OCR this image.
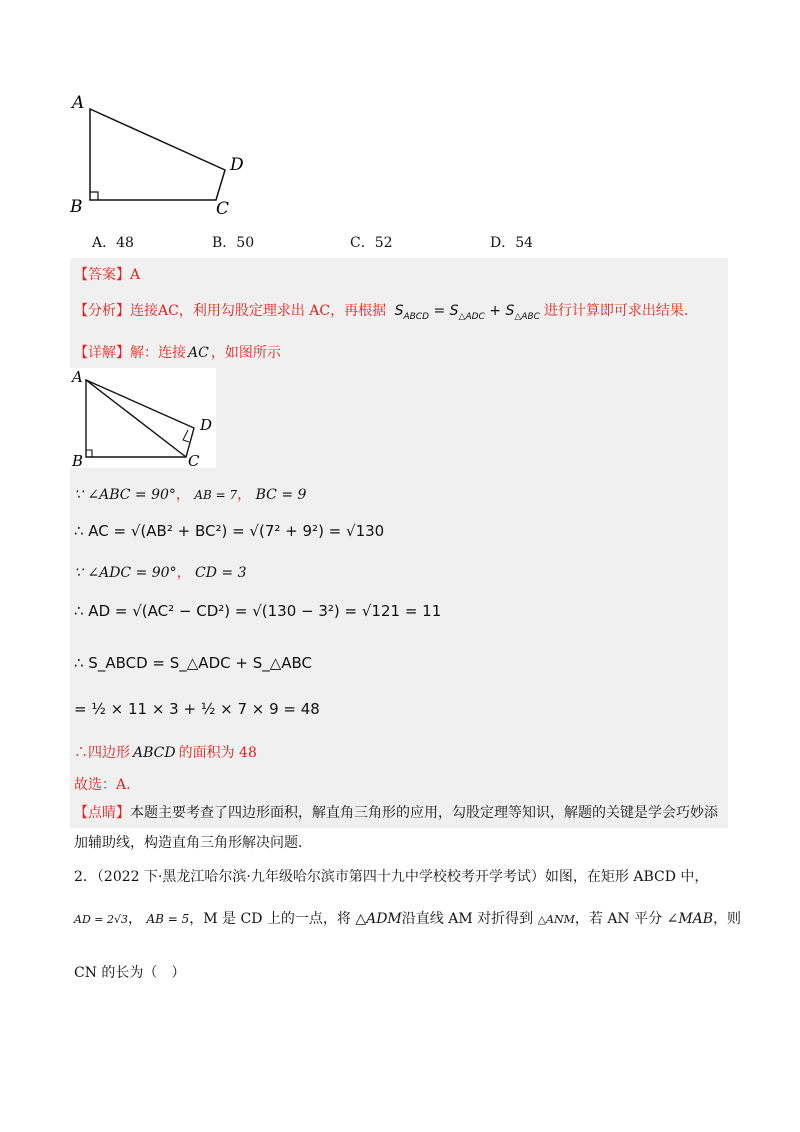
A
B	C
D
A．48	B．50	C．52	D．54
【答案】A
【分析】连接AC，利用勾股定理求出 AC，再根据 $S_{ABCD} = S_{\triangle ADC} + S_{\triangle ABC}$ 进行计算即可求出结果.
【详解】解：连接 AC ，如图所示
A
B	C
D
∵ ∠ABC = 90°， AB = 7， BC = 9
∴ AC = √(AB² + BC²) = √(7² + 9²) = √130
∵ ∠ADC = 90°， CD = 3
∴ AD = √(AC² − CD²) = √(130 − 3²) = √121 = 11
∴ S_ABCD = S_△ADC + S_△ABC
= ½ × 11 × 3 + ½ × 7 × 9 = 48
∴四边形 ABCD 的面积为 48
故选：A.
【点睛】本题主要考查了四边形面积，解直角三角形的应用，勾股定理等知识，解题的关键是学会巧妙添
加辅助线，构造直角三角形解决问题.
2．（2022 下·黑龙江哈尔滨·九年级哈尔滨市第四十九中学校校考开学考试）如图，在矩形 ABCD 中，
AD = 2√3， AB = 5，M 是 CD 上的一点，将 △ADM沿直线 AM 对折得到 △ANM，若 AN 平分 ∠MAB，则
CN 的长为（　）
